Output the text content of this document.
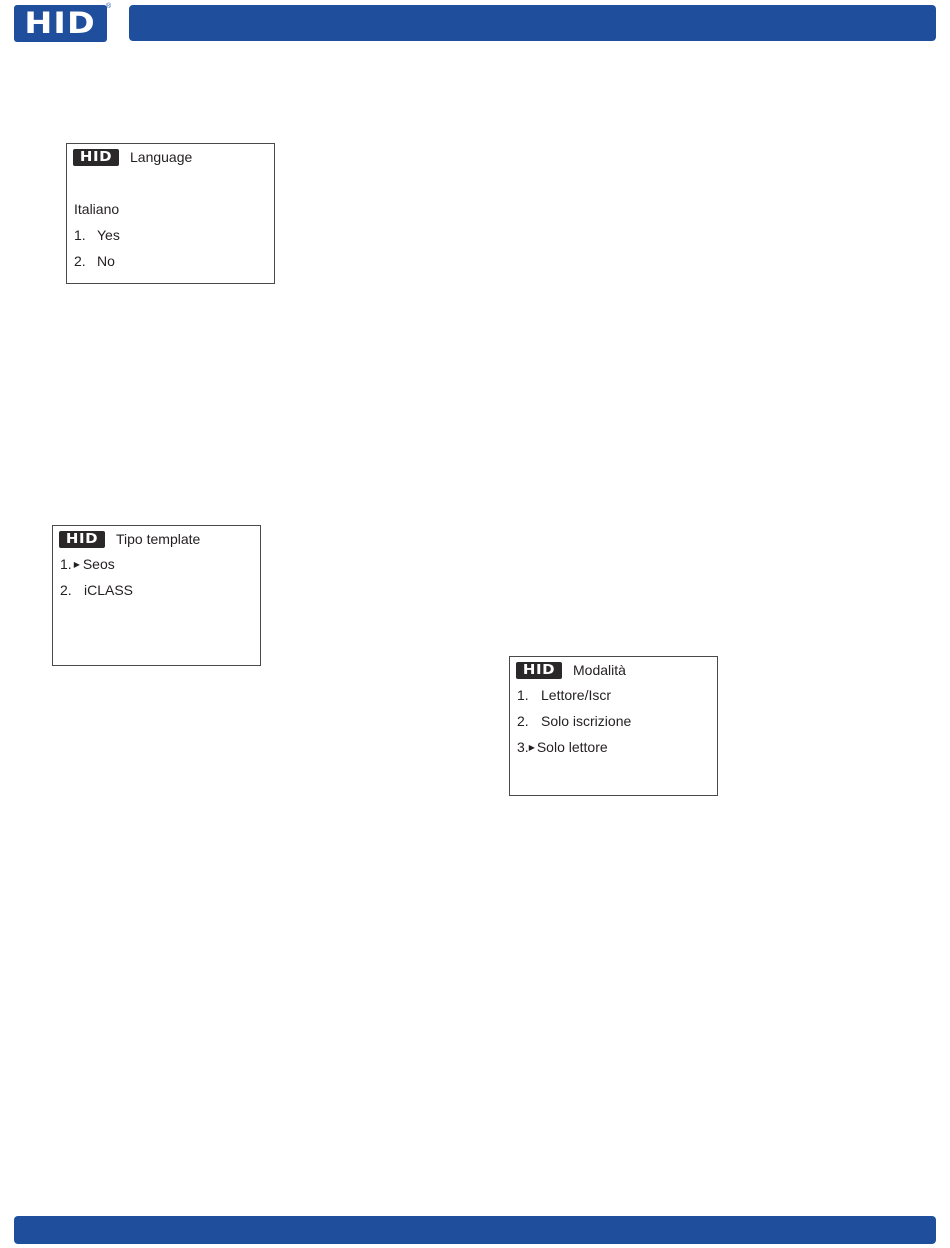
HID ®
HID Language
Italiano
1. Yes
2. No
HID Tipo template
1. ▶ Seos
2. iCLASS
HID Modalità
1. Lettore/Iscr
2. Solo iscrizione
3.▶ Solo lettore
